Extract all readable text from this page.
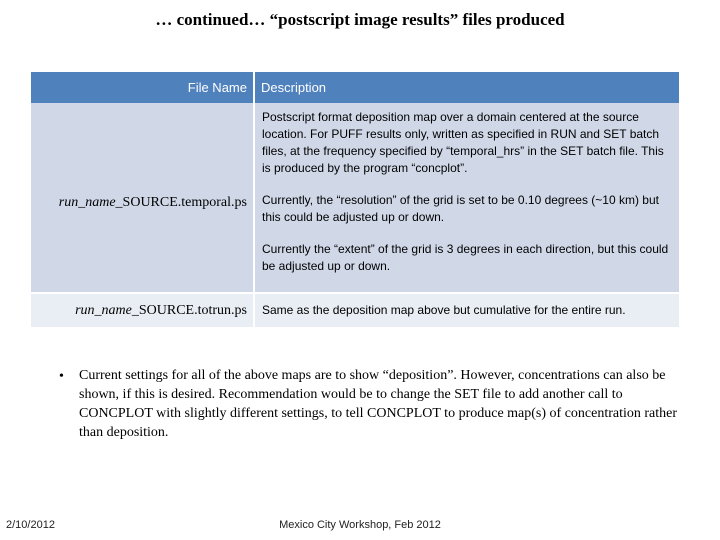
… continued… “postscript image results” files produced
File Name	Description
run_name_SOURCE.temporal.ps	Postscript format deposition map over a domain centered at the source location. For PUFF results only, written as specified in RUN and SET batch files, at the frequency specified by “temporal_hrs” in the SET batch file. This is produced by the program “concplot”.

Currently, the “resolution” of the grid is set to be 0.10 degrees (~10 km) but this could be adjusted up or down.

Currently the “extent” of the grid is 3 degrees in each direction, but this could be adjusted up or down.

run_name_SOURCE.totrun.ps	Same as the deposition map above but cumulative for the entire run.

• Current settings for all of the above maps are to show “deposition”. However, concentrations can also be shown, if this is desired. Recommendation would be to change the SET file to add another call to CONCPLOT with slightly different settings, to tell CONCPLOT to produce map(s) of concentration rather than deposition.
2/10/2012	Mexico City Workshop, Feb 2012
